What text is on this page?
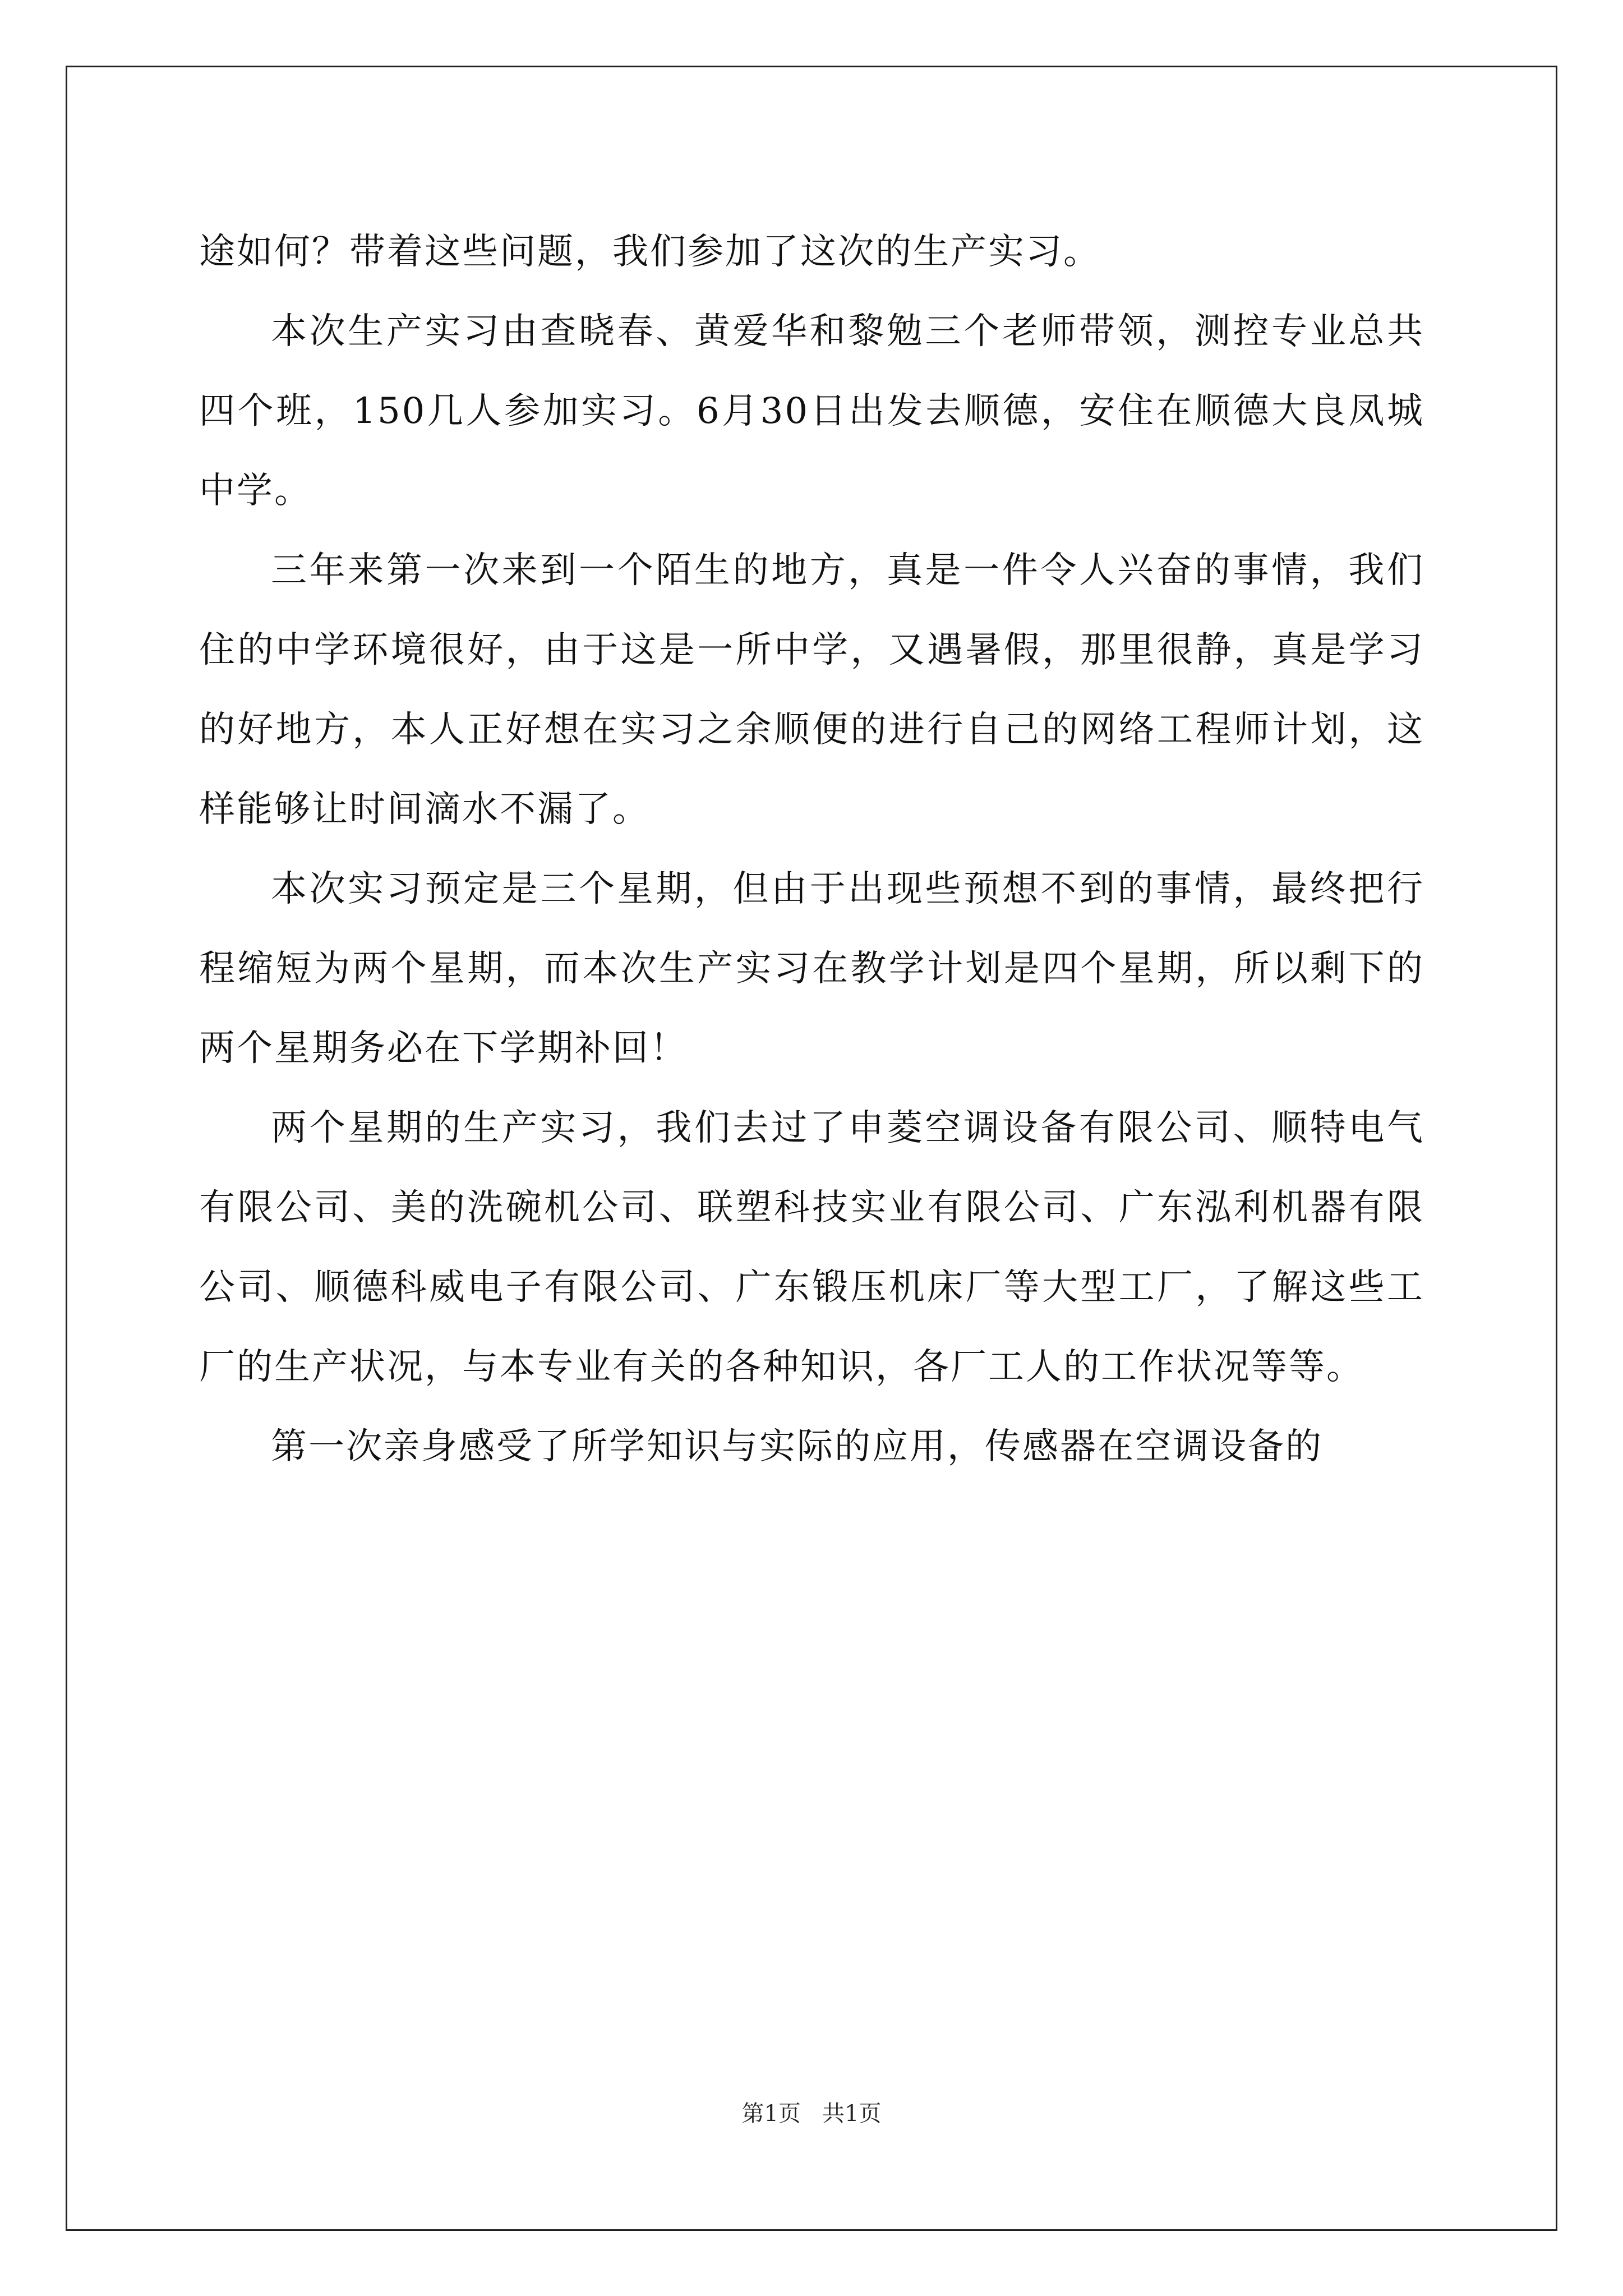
途如何？带着这些问题，我们参加了这次的生产实习。

本次生产实习由查晓春、黄爱华和黎勉三个老师带领，测控专业总共四个班，150几人参加实习。6月30日出发去顺德，安住在顺德大良凤城中学。

三年来第一次来到一个陌生的地方，真是一件令人兴奋的事情，我们住的中学环境很好，由于这是一所中学，又遇暑假，那里很静，真是学习的好地方，本人正好想在实习之余顺便的进行自己的网络工程师计划，这样能够让时间滴水不漏了。

本次实习预定是三个星期，但由于出现些预想不到的事情，最终把行程缩短为两个星期，而本次生产实习在教学计划是四个星期，所以剩下的两个星期务必在下学期补回！

两个星期的生产实习，我们去过了申菱空调设备有限公司、顺特电气有限公司、美的洗碗机公司、联塑科技实业有限公司、广东泓利机器有限公司、顺德科威电子有限公司、广东锻压机床厂等大型工厂，了解这些工厂的生产状况，与本专业有关的各种知识，各厂工人的工作状况等等。

第一次亲身感受了所学知识与实际的应用，传感器在空调设备的

第1页   共1页
